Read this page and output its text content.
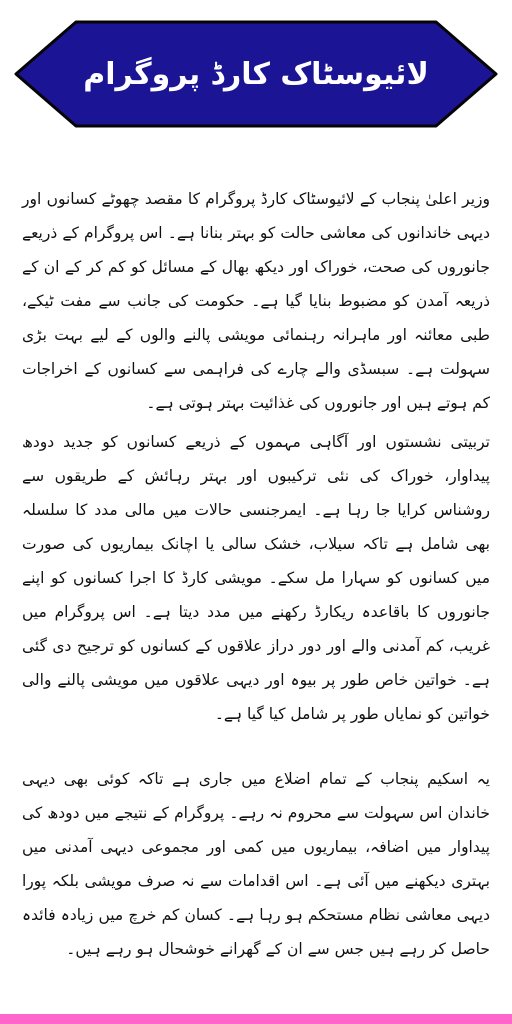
لائیوسٹاک کارڈ پروگرام

وزیر اعلیٰ پنجاب کے لائیوسٹاک کارڈ پروگرام کا مقصد چھوٹے کسانوں اور دیہی خاندانوں کی معاشی حالت کو بہتر بنانا ہے۔ اس پروگرام کے ذریعے جانوروں کی صحت، خوراک اور دیکھ بھال کے مسائل کو کم کر کے ان کے ذریعہ آمدن کو مضبوط بنایا گیا ہے۔ حکومت کی جانب سے مفت ٹیکے، طبی معائنہ اور ماہرانہ رہنمائی مویشی پالنے والوں کے لیے بہت بڑی سہولت ہے۔ سبسڈی والے چارے کی فراہمی سے کسانوں کے اخراجات کم ہوتے ہیں اور جانوروں کی غذائیت بہتر ہوتی ہے۔

تربیتی نشستوں اور آگاہی مہموں کے ذریعے کسانوں کو جدید دودھ پیداوار، خوراک کی نئی ترکیبوں اور بہتر رہائش کے طریقوں سے روشناس کرایا جا رہا ہے۔ ایمرجنسی حالات میں مالی مدد کا سلسلہ بھی شامل ہے تاکہ سیلاب، خشک سالی یا اچانک بیماریوں کی صورت میں کسانوں کو سہارا مل سکے۔ مویشی کارڈ کا اجرا کسانوں کو اپنے جانوروں کا باقاعدہ ریکارڈ رکھنے میں مدد دیتا ہے۔ اس پروگرام میں غریب، کم آمدنی والے اور دور دراز علاقوں کے کسانوں کو ترجیح دی گئی ہے۔ خواتین خاص طور پر بیوہ اور دیہی علاقوں میں مویشی پالنے والی خواتین کو نمایاں طور پر شامل کیا گیا ہے۔

یہ اسکیم پنجاب کے تمام اضلاع میں جاری ہے تاکہ کوئی بھی دیہی خاندان اس سہولت سے محروم نہ رہے۔ پروگرام کے نتیجے میں دودھ کی پیداوار میں اضافہ، بیماریوں میں کمی اور مجموعی دیہی آمدنی میں بہتری دیکھنے میں آئی ہے۔ اس اقدامات سے نہ صرف مویشی بلکہ پورا دیہی معاشی نظام مستحکم ہو رہا ہے۔ کسان کم خرچ میں زیادہ فائدہ حاصل کر رہے ہیں جس سے ان کے گھرانے خوشحال ہو رہے ہیں۔
